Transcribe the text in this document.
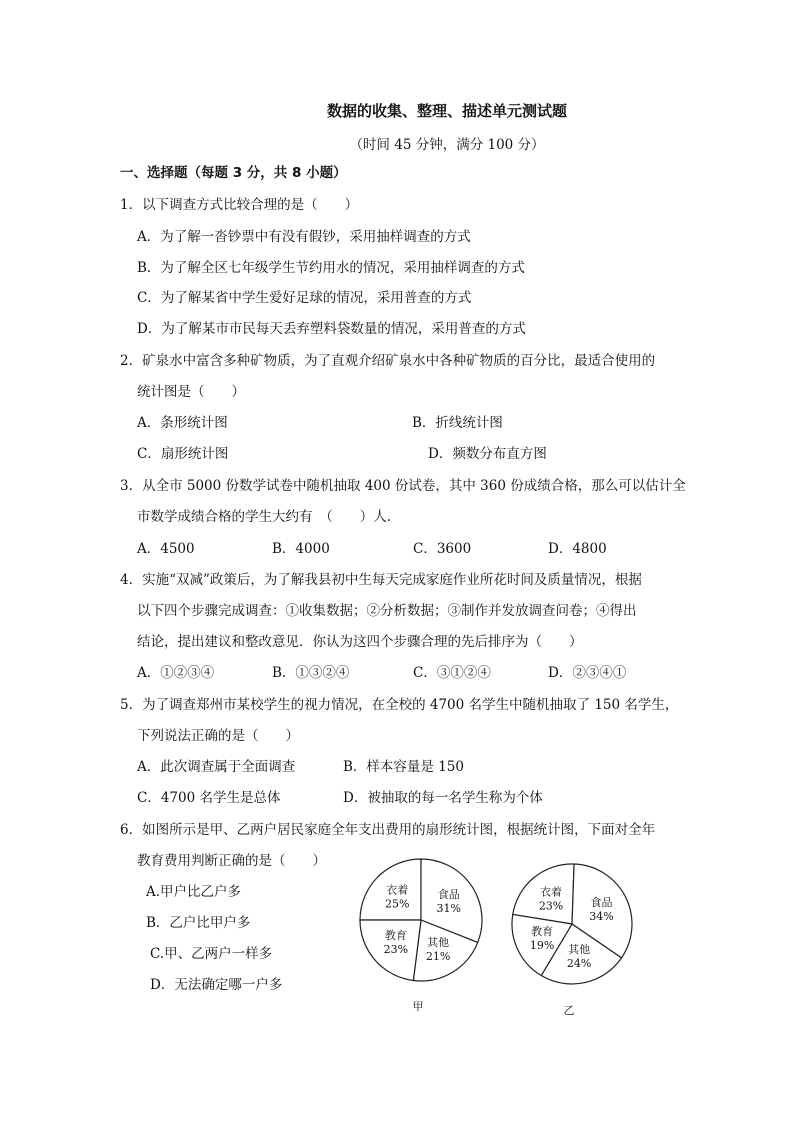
数据的收集、整理、描述单元测试题
（时间 45 分钟，满分 100 分）
一、选择题（每题 3 分，共 8 小题）
1．以下调查方式比较合理的是（　　）
A．为了解一沓钞票中有没有假钞，采用抽样调查的方式
B．为了解全区七年级学生节约用水的情况，采用抽样调查的方式
C．为了解某省中学生爱好足球的情况，采用普查的方式
D．为了解某市市民每天丢弃塑料袋数量的情况，采用普查的方式
2．矿泉水中富含多种矿物质，为了直观介绍矿泉水中各种矿物质的百分比，最适合使用的
统计图是（　　）
A．条形统计图	B．折线统计图
C．扇形统计图	D．频数分布直方图
3．从全市 5000 份数学试卷中随机抽取 400 份试卷，其中 360 份成绩合格，那么可以估计全
市数学成绩合格的学生大约有　（　　）人.
A．4500	B．4000	C．3600	D．4800
4．实施“双减”政策后，为了解我县初中生每天完成家庭作业所花时间及质量情况，根据
以下四个步骤完成调查：①收集数据；②分析数据；③制作并发放调查问卷；④得出
结论，提出建议和整改意见．你认为这四个步骤合理的先后排序为（　　）
A．①②③④	B．①③②④	C．③①②④	D．②③④①
5．为了调查郑州市某校学生的视力情况，在全校的 4700 名学生中随机抽取了 150 名学生，
下列说法正确的是（　　）
A．此次调查属于全面调查	B．样本容量是 150
C．4700 名学生是总体	D．被抽取的每一名学生称为个体
6．如图所示是甲、乙两户居民家庭全年支出费用的扇形统计图，根据统计图，下面对全年
教育费用判断正确的是（　　）
A.甲户比乙户多
B．乙户比甲户多
C.甲、乙两户一样多
D．无法确定哪一户多
衣着
25%
食品
31%
其他
21%
教育
23%
甲
衣着
23% 食品
34%
其他
24%
教育
19%
乙
